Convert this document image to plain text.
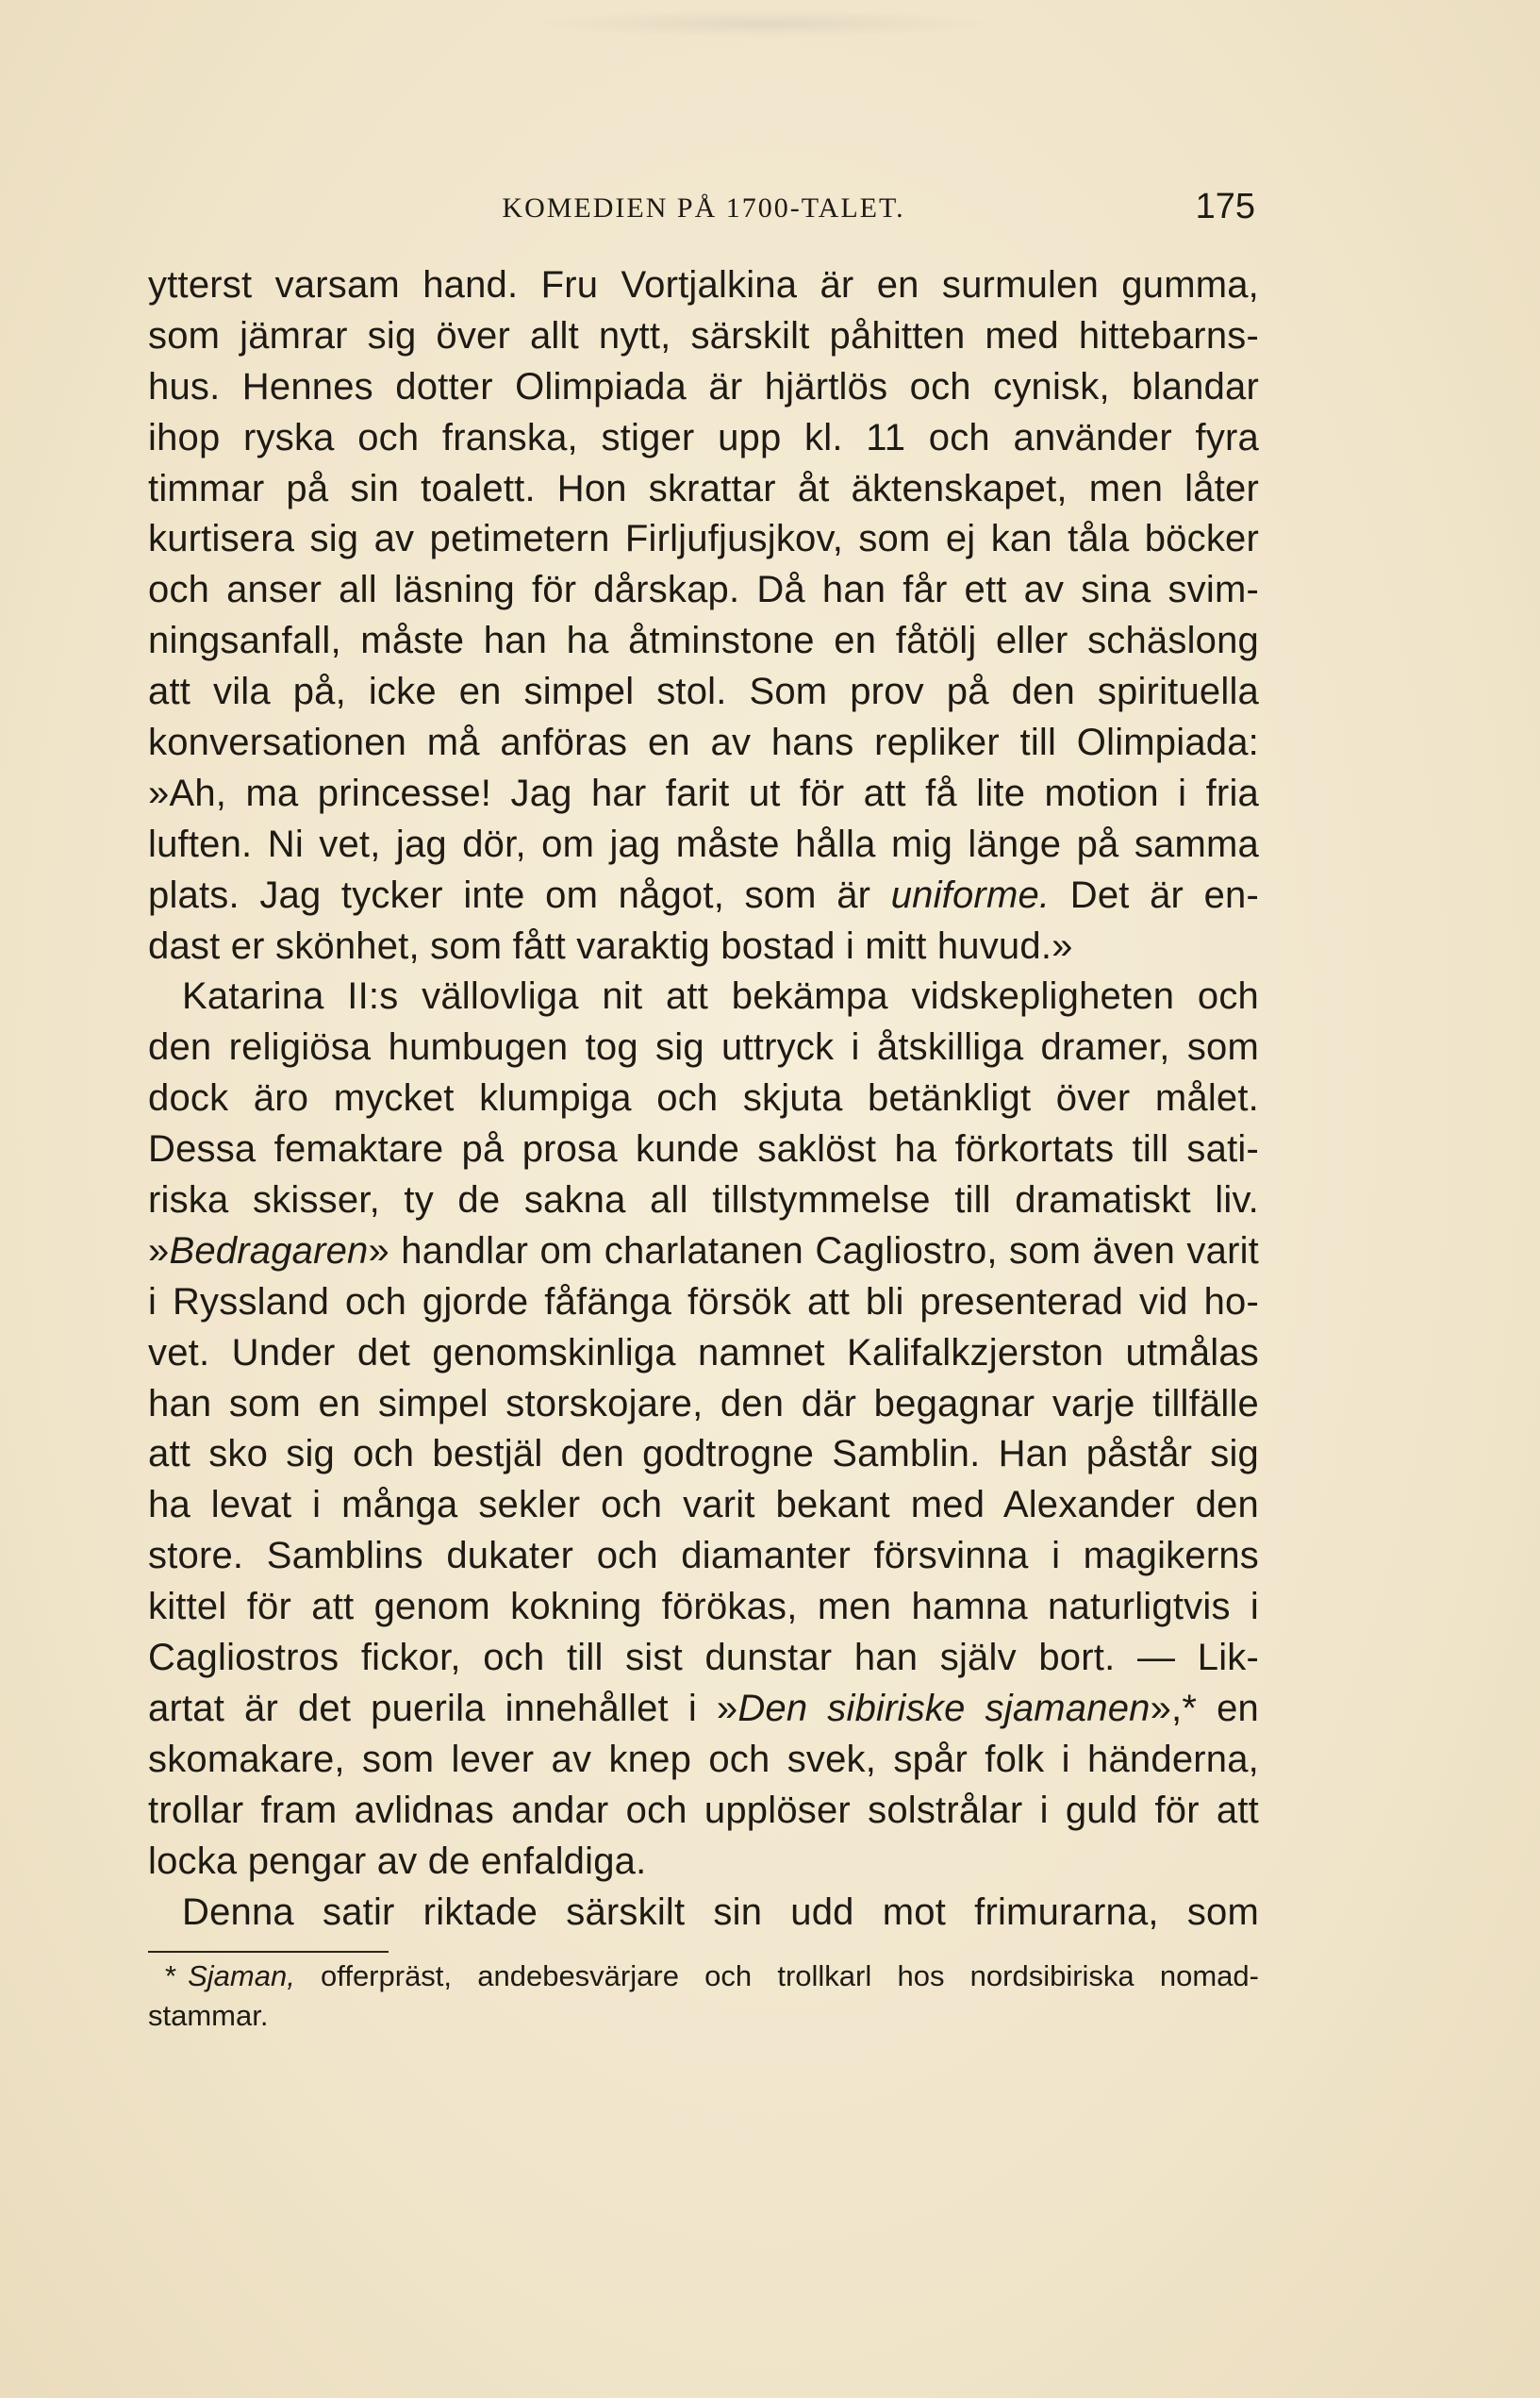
KOMEDIEN PÅ 1700-TALET.	175
ytterst varsam hand. Fru Vortjalkina är en surmulen gumma,
som jämrar sig över allt nytt, särskilt påhitten med hittebarns-
hus. Hennes dotter Olimpiada är hjärtlös och cynisk, blandar
ihop ryska och franska, stiger upp kl. 11 och använder fyra
timmar på sin toalett. Hon skrattar åt äktenskapet, men låter
kurtisera sig av petimetern Firljufjusjkov, som ej kan tåla böcker
och anser all läsning för dårskap. Då han får ett av sina svim-
ningsanfall, måste han ha åtminstone en fåtölj eller schäslong
att vila på, icke en simpel stol. Som prov på den spirituella
konversationen må anföras en av hans repliker till Olimpiada:
»Ah, ma princesse! Jag har farit ut för att få lite motion i fria
luften. Ni vet, jag dör, om jag måste hålla mig länge på samma
plats. Jag tycker inte om något, som är uniforme. Det är en-
dast er skönhet, som fått varaktig bostad i mitt huvud.»
Katarina II:s vällovliga nit att bekämpa vidskepligheten och
den religiösa humbugen tog sig uttryck i åtskilliga dramer, som
dock äro mycket klumpiga och skjuta betänkligt över målet.
Dessa femaktare på prosa kunde saklöst ha förkortats till sati-
riska skisser, ty de sakna all tillstymmelse till dramatiskt liv.
»Bedragaren» handlar om charlatanen Cagliostro, som även varit
i Ryssland och gjorde fåfänga försök att bli presenterad vid ho-
vet. Under det genomskinliga namnet Kalifalkzjerston utmålas
han som en simpel storskojare, den där begagnar varje tillfälle
att sko sig och bestjäl den godtrogne Samblin. Han påstår sig
ha levat i många sekler och varit bekant med Alexander den
store. Samblins dukater och diamanter försvinna i magikerns
kittel för att genom kokning förökas, men hamna naturligtvis i
Cagliostros fickor, och till sist dunstar han själv bort. — Lik-
artat är det puerila innehållet i »Den sibiriske sjamanen»,* en
skomakare, som lever av knep och svek, spår folk i händerna,
trollar fram avlidnas andar och upplöser solstrålar i guld för att
locka pengar av de enfaldiga.
Denna satir riktade särskilt sin udd mot frimurarna, som
* Sjaman, offerpräst, andebesvärjare och trollkarl hos nordsibiriska nomad-
stammar.
